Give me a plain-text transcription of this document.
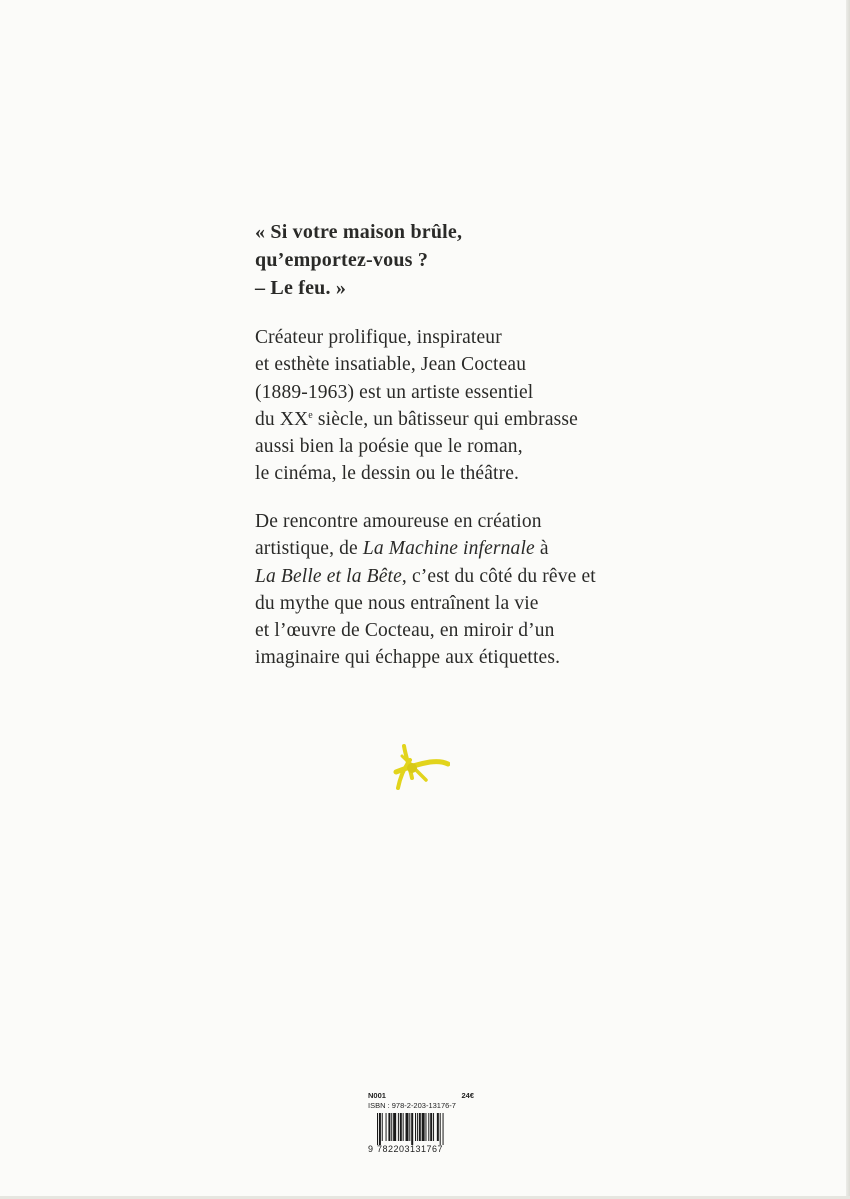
« Si votre maison brûle,
qu’emportez-vous ?
– Le feu. »
Créateur prolifique, inspirateur
et esthète insatiable, Jean Cocteau
(1889-1963) est un artiste essentiel
du XXe siècle, un bâtisseur qui embrasse
aussi bien la poésie que le roman,
le cinéma, le dessin ou le théâtre.
De rencontre amoureuse en création
artistique, de La Machine infernale à
La Belle et la Bête, c’est du côté du rêve et
du mythe que nous entraînent la vie
et l’œuvre de Cocteau, en miroir d’un
imaginaire qui échappe aux étiquettes.
N001	24€
ISBN : 978-2-203-13176-7
9 782203131767
